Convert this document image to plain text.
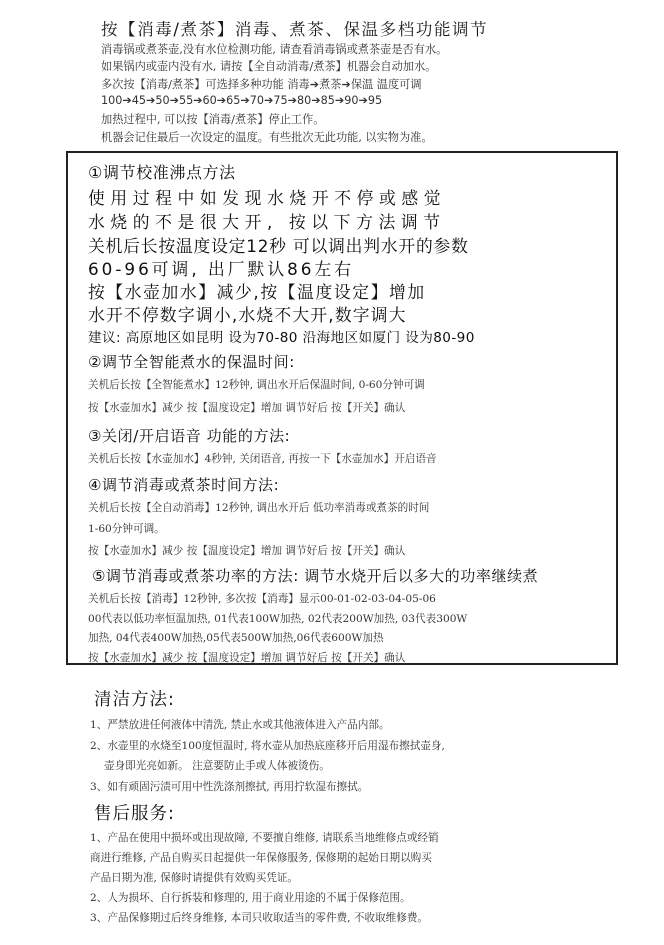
按【消毒/煮茶】消毒、煮茶、保温多档功能调节
消毒锅或煮茶壶,没有水位检测功能, 请查看消毒锅或煮茶壶是否有水。
如果锅内或壶内没有水, 请按【全自动消毒/煮茶】机器会自动加水。
多次按【消毒/煮茶】可选择多种功能 消毒➔煮茶➔保温 温度可调
100➔45➔50➔55➔60➔65➔70➔75➔80➔85➔90➔95
加热过程中, 可以按【消毒/煮茶】停止工作。
机器会记住最后一次设定的温度。有些批次无此功能, 以实物为准。
①调节校准沸点方法
使用过程中如发现水烧开不停或感觉
水烧的不是很大开, 按以下方法调节
关机后长按温度设定12秒 可以调出判水开的参数
60-96可调, 出厂默认86左右
按【水壶加水】减少,按【温度设定】增加
水开不停数字调小,水烧不大开,数字调大
建议: 高原地区如昆明 设为70-80 沿海地区如厦门 设为80-90
②调节全智能煮水的保温时间:
关机后长按【全智能煮水】12秒钟, 调出水开后保温时间, 0-60分钟可调
按【水壶加水】减少 按【温度设定】增加 调节好后 按【开关】确认
③关闭/开启语音 功能的方法:
关机后长按【水壶加水】4秒钟, 关闭语音, 再按一下【水壶加水】开启语音
④调节消毒或煮茶时间方法:
关机后长按【全自动消毒】12秒钟, 调出水开后 低功率消毒或煮茶的时间
1-60分钟可调。
按【水壶加水】减少 按【温度设定】增加 调节好后 按【开关】确认
⑤调节消毒或煮茶功率的方法: 调节水烧开后以多大的功率继续煮
关机后长按【消毒】12秒钟, 多次按【消毒】显示00-01-02-03-04-05-06
00代表以低功率恒温加热, 01代表100W加热, 02代表200W加热, 03代表300W
加热, 04代表400W加热,05代表500W加热,06代表600W加热
按【水壶加水】减少 按【温度设定】增加 调节好后 按【开关】确认
清洁方法:
1、严禁放进任何液体中清洗, 禁止水或其他液体进入产品内部。
2、水壶里的水烧至100度恒温时, 将水壶从加热底座移开后用湿布擦拭壶身,
壶身即光亮如新。 注意要防止手或人体被烫伤。
3、如有顽固污渍可用中性洗涤剂擦拭, 再用拧软湿布擦拭。
售后服务:
1、产品在使用中损坏或出现故障, 不要擅自维修, 请联系当地维修点或经销
商进行维修, 产品自购买日起提供一年保修服务, 保修期的起始日期以购买
产品日期为准, 保修时请提供有效购买凭证。
2、人为损坏、自行拆装和修理的, 用于商业用途的不属于保修范围。
3、产品保修期过后终身维修, 本司只收取适当的零件费, 不收取维修费。
